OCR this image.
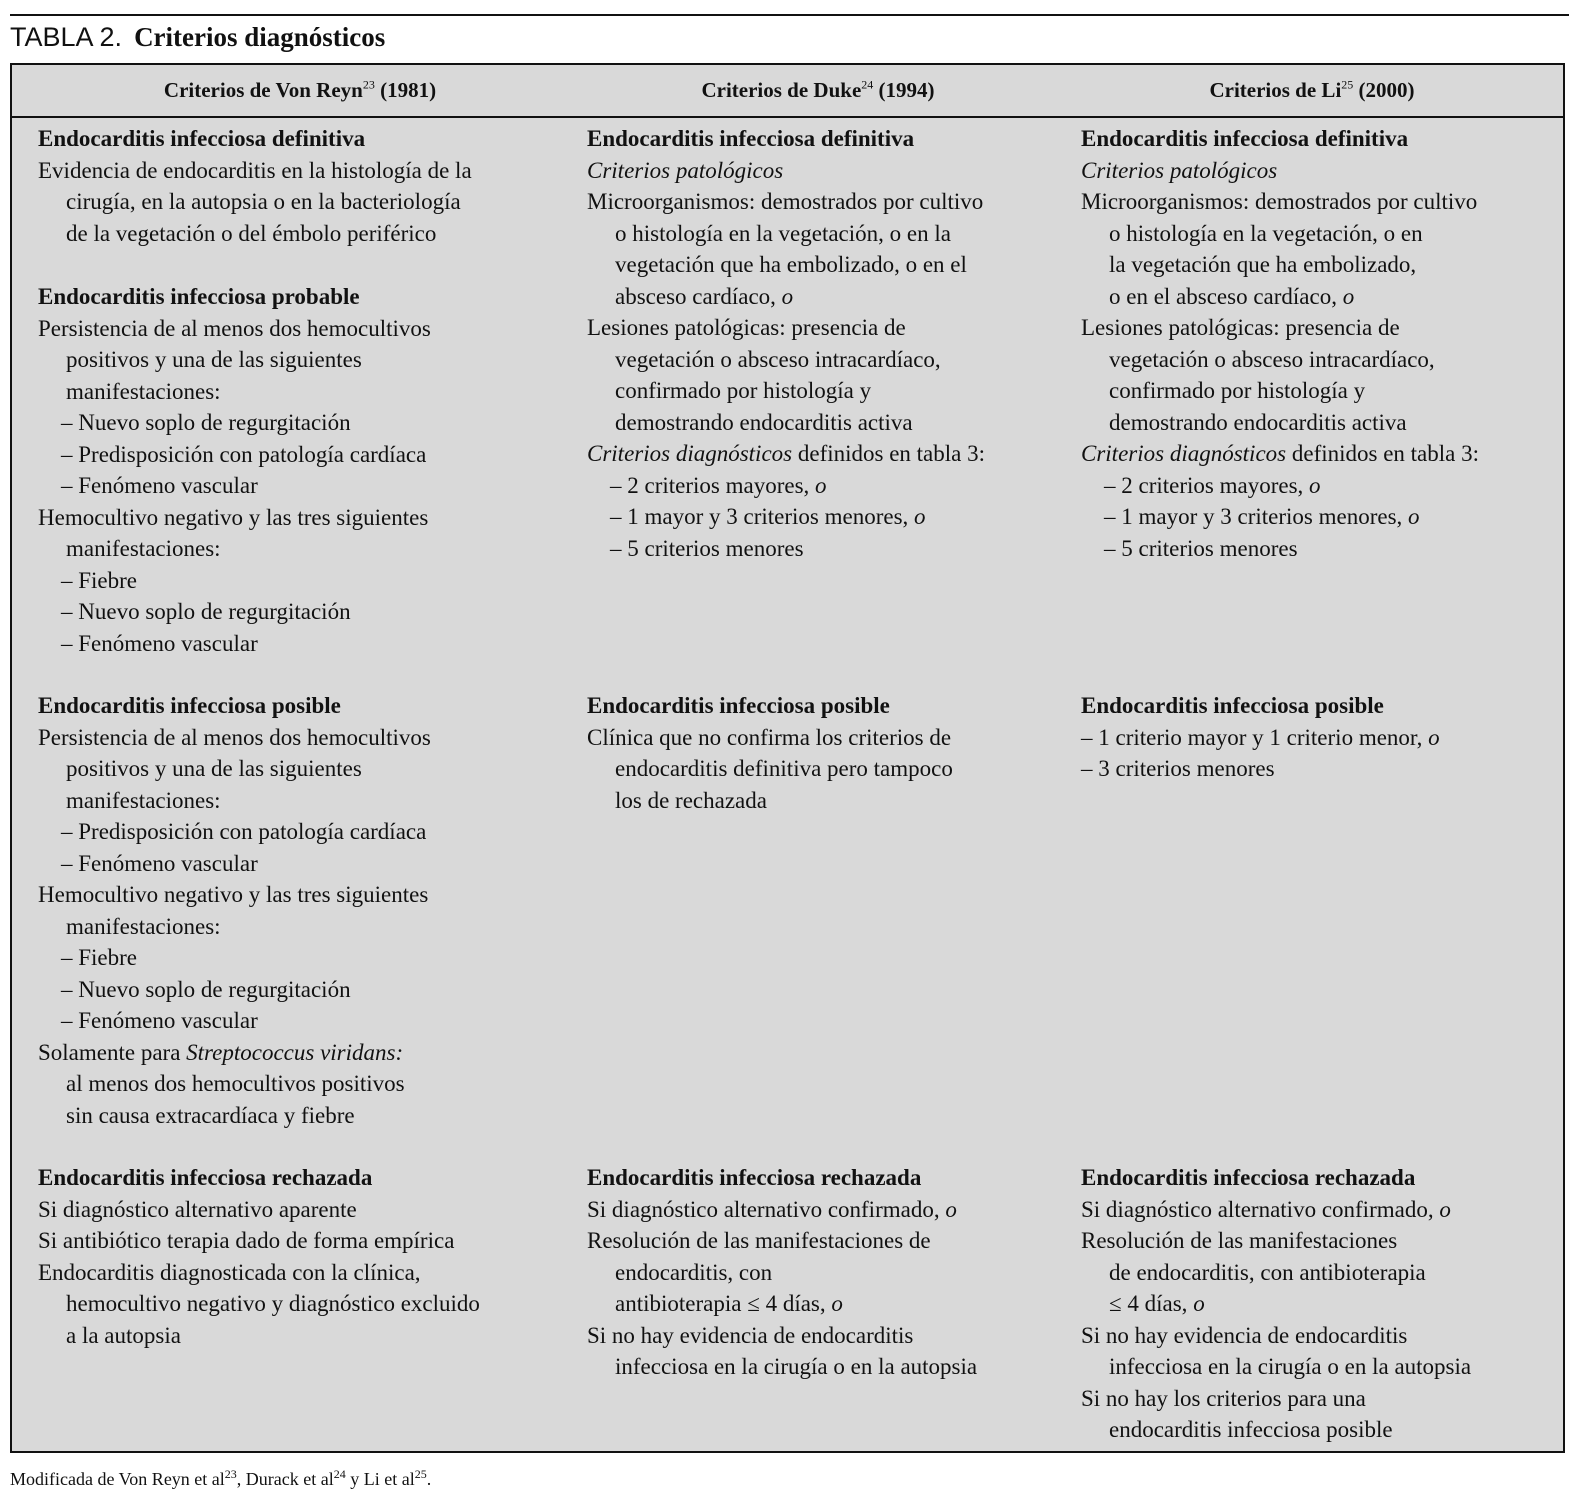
TABLA 2. Criterios diagnósticos
Criterios de Von Reyn$^{23}$ (1981)	Criterios de Duke$^{24}$ (1994)	Criterios de Li$^{25}$ (2000)
Endocarditis infecciosa definitiva
Evidencia de endocarditis en la histología de la
cirugía, en la autopsia o en la bacteriología
de la vegetación o del émbolo periférico
Endocarditis infecciosa probable
Persistencia de al menos dos hemocultivos
positivos y una de las siguientes
manifestaciones:
– Nuevo soplo de regurgitación
– Predisposición con patología cardíaca
– Fenómeno vascular
Hemocultivo negativo y las tres siguientes
manifestaciones:
– Fiebre
– Nuevo soplo de regurgitación
– Fenómeno vascular
Endocarditis infecciosa posible
Persistencia de al menos dos hemocultivos
positivos y una de las siguientes
manifestaciones:
– Predisposición con patología cardíaca
– Fenómeno vascular
Hemocultivo negativo y las tres siguientes
manifestaciones:
– Fiebre
– Nuevo soplo de regurgitación
– Fenómeno vascular
Solamente para Streptococcus viridans:
al menos dos hemocultivos positivos
sin causa extracardíaca y fiebre
Endocarditis infecciosa rechazada
Si diagnóstico alternativo aparente
Si antibiótico terapia dado de forma empírica
Endocarditis diagnosticada con la clínica,
hemocultivo negativo y diagnóstico excluido
a la autopsia
Endocarditis infecciosa definitiva
Criterios patológicos
Microorganismos: demostrados por cultivo
o histología en la vegetación, o en la
vegetación que ha embolizado, o en el
absceso cardíaco, o
Lesiones patológicas: presencia de
vegetación o absceso intracardíaco,
confirmado por histología y
demostrando endocarditis activa
Criterios diagnósticos definidos en tabla 3:
– 2 criterios mayores, o
– 1 mayor y 3 criterios menores, o
– 5 criterios menores
Endocarditis infecciosa posible
Clínica que no confirma los criterios de
endocarditis definitiva pero tampoco
los de rechazada
Endocarditis infecciosa rechazada
Si diagnóstico alternativo confirmado, o
Resolución de las manifestaciones de
endocarditis, con
antibioterapia ≤ 4 días, o
Si no hay evidencia de endocarditis
infecciosa en la cirugía o en la autopsia
Endocarditis infecciosa definitiva
Criterios patológicos
Microorganismos: demostrados por cultivo
o histología en la vegetación, o en
la vegetación que ha embolizado,
o en el absceso cardíaco, o
Lesiones patológicas: presencia de
vegetación o absceso intracardíaco,
confirmado por histología y
demostrando endocarditis activa
Criterios diagnósticos definidos en tabla 3:
– 2 criterios mayores, o
– 1 mayor y 3 criterios menores, o
– 5 criterios menores
Endocarditis infecciosa posible
– 1 criterio mayor y 1 criterio menor, o
– 3 criterios menores
Endocarditis infecciosa rechazada
Si diagnóstico alternativo confirmado, o
Resolución de las manifestaciones
de endocarditis, con antibioterapia
≤ 4 días, o
Si no hay evidencia de endocarditis
infecciosa en la cirugía o en la autopsia
Si no hay los criterios para una
endocarditis infecciosa posible
Modificada de Von Reyn et $al^{23}$, Durack et $al^{24}$ y Li et $al^{25}$.
